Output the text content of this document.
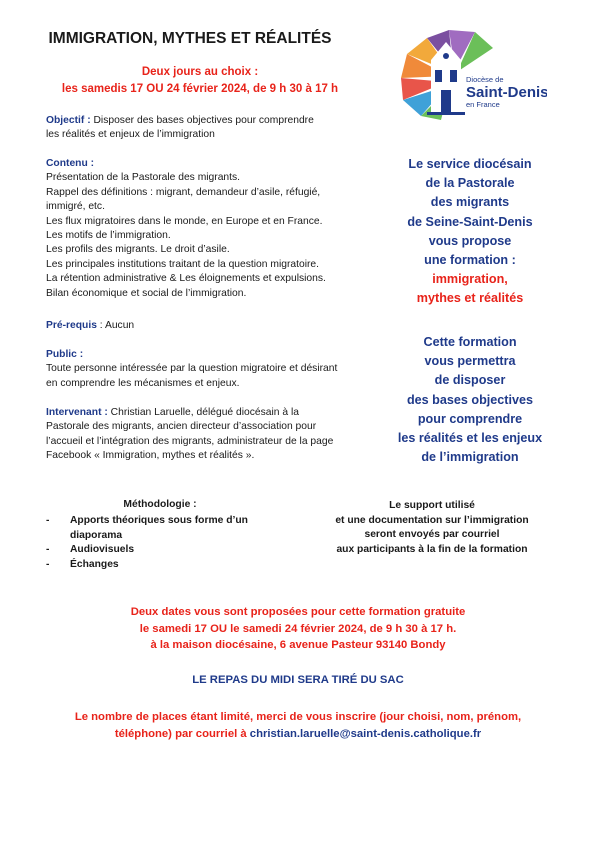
IMMIGRATION, MYTHES ET RÉALITÉS
Deux jours au choix :
les samedis 17 OU 24 février 2024, de 9 h 30 à 17 h
Diocèse de
Saint-Denis
en France
Objectif : Disposer des bases objectives pour comprendre
les réalités et enjeux de l’immigration
Contenu :
Présentation de la Pastorale des migrants.
Rappel des définitions : migrant, demandeur d’asile, réfugié,
immigré, etc.
Les flux migratoires dans le monde, en Europe et en France.
Les motifs de l’immigration.
Les profils des migrants. Le droit d’asile.
Les principales institutions traitant de la question migratoire.
La rétention administrative & Les éloignements et expulsions.
Bilan économique et social de l’immigration.
Pré-requis : Aucun
Public :
Toute personne intéressée par la question migratoire et désirant
en comprendre les mécanismes et enjeux.
Intervenant : Christian Laruelle, délégué diocésain à la
Pastorale des migrants, ancien directeur d’association pour
l’accueil et l’intégration des migrants, administrateur de la page
Facebook « Immigration, mythes et réalités ».
Le service diocésain
de la Pastorale
des migrants
de Seine-Saint-Denis
vous propose
une formation :
immigration,
mythes et réalités
Cette formation
vous permettra
de disposer
des bases objectives
pour comprendre
les réalités et les enjeux
de l’immigration
Méthodologie :
- Apports théoriques sous forme d’un
diaporama
- Audiovisuels
- Échanges
Le support utilisé
et une documentation sur l’immigration
seront envoyés par courriel
aux participants à la fin de la formation
Deux dates vous sont proposées pour cette formation gratuite
le samedi 17 OU le samedi 24 février 2024, de 9 h 30 à 17 h.
à la maison diocésaine, 6 avenue Pasteur 93140 Bondy
LE REPAS DU MIDI SERA TIRÉ DU SAC
Le nombre de places étant limité, merci de vous inscrire (jour choisi, nom, prénom,
téléphone) par courriel à christian.laruelle@saint-denis.catholique.fr
